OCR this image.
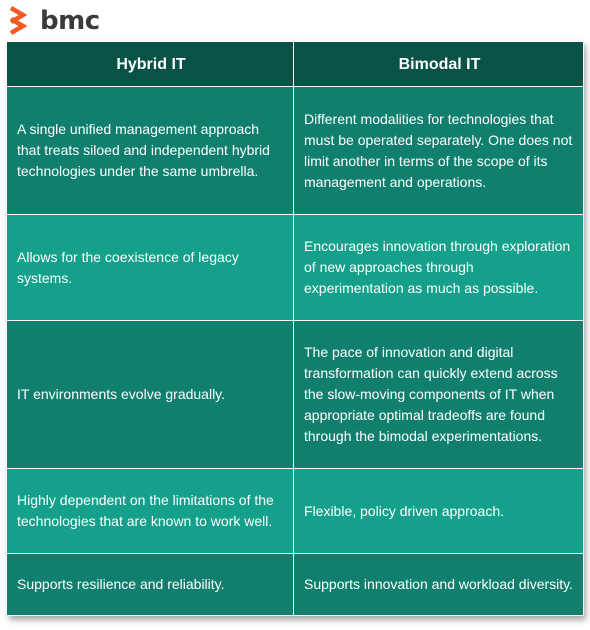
bmc
Hybrid IT	Bimodal IT
A single unified management approach that treats siloed and independent hybrid technologies under the same umbrella.	Different modalities for technologies that must be operated separately. One does not limit another in terms of the scope of its management and operations.
Allows for the coexistence of legacy systems.	Encourages innovation through exploration of new approaches through experimentation as much as possible.
IT environments evolve gradually.	The pace of innovation and digital transformation can quickly extend across the slow-moving components of IT when appropriate optimal tradeoffs are found through the bimodal experimentations.
Highly dependent on the limitations of the technologies that are known to work well.	Flexible, policy driven approach.
Supports resilience and reliability.	Supports innovation and workload diversity.
